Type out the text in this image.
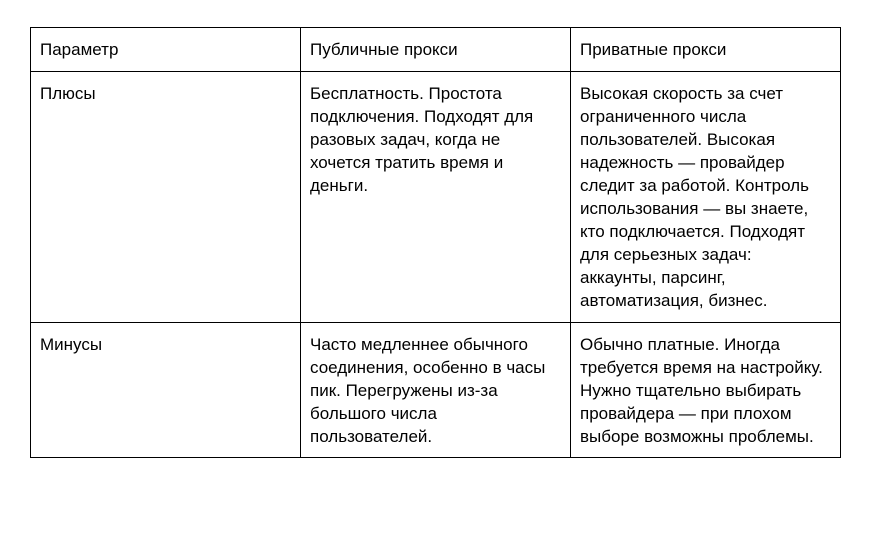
Параметр	Публичные прокси	Приватные прокси
Плюсы	Бесплатность. Простота подключения. Подходят для разовых задач, когда не хочется тратить время и деньги.	Высокая скорость за счет ограниченного числа пользователей. Высокая надежность — провайдер следит за работой. Контроль использования — вы знаете, кто подключается. Подходят для серьезных задач: аккаунты, парсинг, автоматизация, бизнес.
Минусы	Часто медленнее обычного соединения, особенно в часы пик. Перегружены из-за большого числа пользователей.	Обычно платные. Иногда требуется время на настройку. Нужно тщательно выбирать провайдера — при плохом выборе возможны проблемы.
